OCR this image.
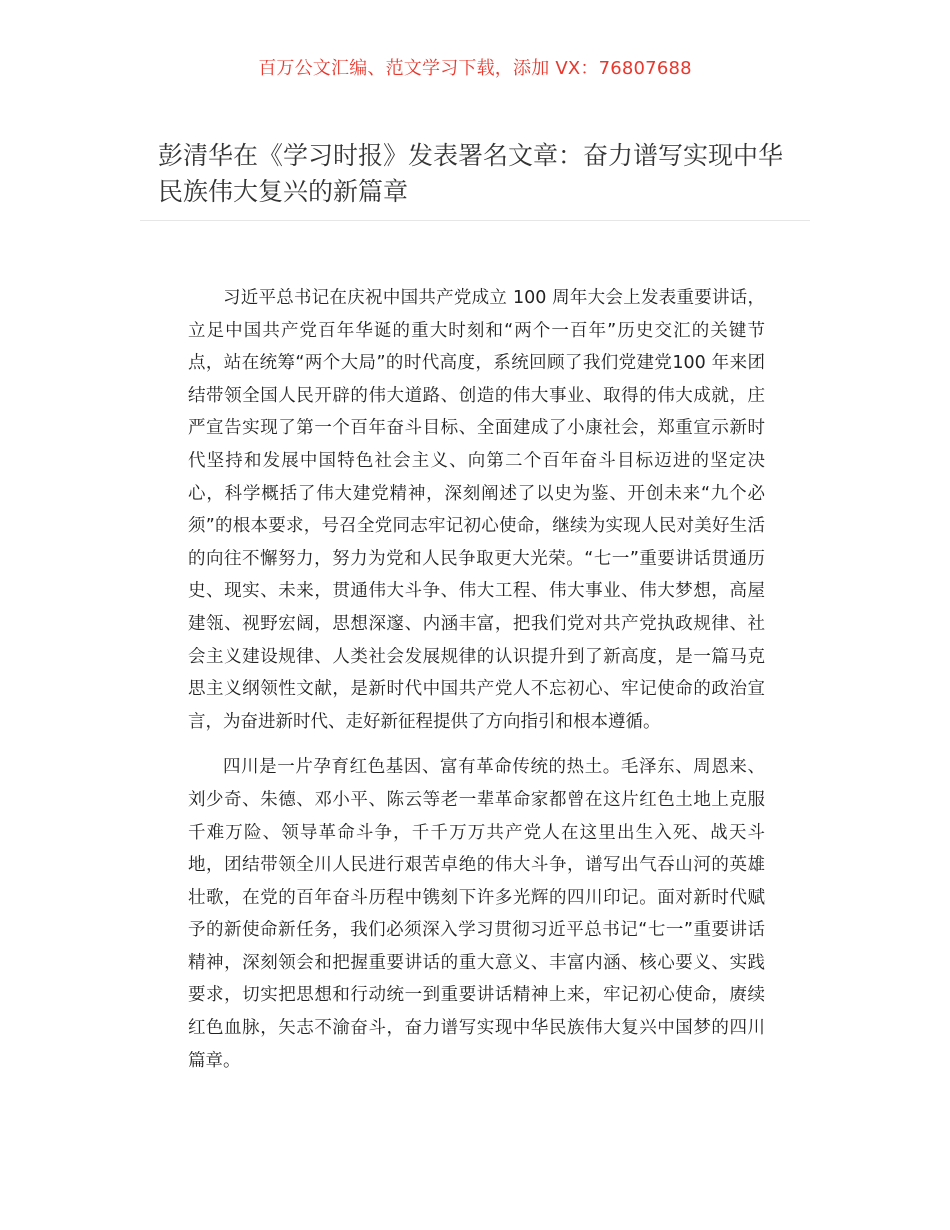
百万公文汇编、范文学习下载，添加 VX：76807688
彭清华在《学习时报》发表署名文章：奋力谱写实现中华民族伟大复兴的新篇章

习近平总书记在庆祝中国共产党成立 100 周年大会上发表重要讲话，立足中国共产党百年华诞的重大时刻和“两个一百年”历史交汇的关键节点，站在统筹“两个大局”的时代高度，系统回顾了我们党建党100 年来团结带领全国人民开辟的伟大道路、创造的伟大事业、取得的伟大成就，庄严宣告实现了第一个百年奋斗目标、全面建成了小康社会，郑重宣示新时代坚持和发展中国特色社会主义、向第二个百年奋斗目标迈进的坚定决心，科学概括了伟大建党精神，深刻阐述了以史为鉴、开创未来“九个必须”的根本要求，号召全党同志牢记初心使命，继续为实现人民对美好生活的向往不懈努力，努力为党和人民争取更大光荣。“七一”重要讲话贯通历史、现实、未来，贯通伟大斗争、伟大工程、伟大事业、伟大梦想，高屋建瓴、视野宏阔，思想深邃、内涵丰富，把我们党对共产党执政规律、社会主义建设规律、人类社会发展规律的认识提升到了新高度，是一篇马克思主义纲领性文献，是新时代中国共产党人不忘初心、牢记使命的政治宣言，为奋进新时代、走好新征程提供了方向指引和根本遵循。

四川是一片孕育红色基因、富有革命传统的热土。毛泽东、周恩来、刘少奇、朱德、邓小平、陈云等老一辈革命家都曾在这片红色土地上克服千难万险、领导革命斗争，千千万万共产党人在这里出生入死、战天斗地，团结带领全川人民进行艰苦卓绝的伟大斗争，谱写出气吞山河的英雄壮歌，在党的百年奋斗历程中镌刻下许多光辉的四川印记。面对新时代赋予的新使命新任务，我们必须深入学习贯彻习近平总书记“七一”重要讲话精神，深刻领会和把握重要讲话的重大意义、丰富内涵、核心要义、实践要求，切实把思想和行动统一到重要讲话精神上来，牢记初心使命，赓续红色血脉，矢志不渝奋斗，奋力谱写实现中华民族伟大复兴中国梦的四川篇章。
